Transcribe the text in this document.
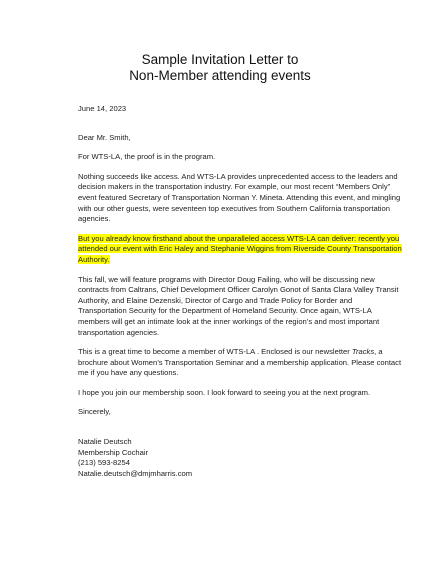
Sample Invitation Letter to
Non-Member attending events

June 14, 2023

Dear Mr. Smith,

For WTS-LA, the proof is in the program.

Nothing succeeds like access. And WTS-LA provides unprecedented access to the leaders and decision makers in the transportation industry. For example, our most recent “Members Only” event featured Secretary of Transportation Norman Y. Mineta. Attending this event, and mingling with our other guests, were seventeen top executives from Southern California transportation agencies.

But you already know firsthand about the unparalleled access WTS-LA can deliver: recently you attended our event with Eric Haley and Stephanie Wiggins from Riverside County Transportation Authority.

This fall, we will feature programs with Director Doug Failing, who will be discussing new contracts from Caltrans, Chief Development Officer Carolyn Gonot of Santa Clara Valley Transit Authority, and Elaine Dezenski, Director of Cargo and Trade Policy for Border and Transportation Security for the Department of Homeland Security. Once again, WTS-LA members will get an intimate look at the inner workings of the region’s and most important transportation agencies.

This is a great time to become a member of WTS-LA . Enclosed is our newsletter Tracks, a brochure about Women’s Transportation Seminar and a membership application. Please contact me if you have any questions.

I hope you join our membership soon. I look forward to seeing you at the next program.

Sincerely,

Natalie Deutsch

Membership Cochair

(213) 593-8254

Natalie.deutsch@dmjmharris.com
